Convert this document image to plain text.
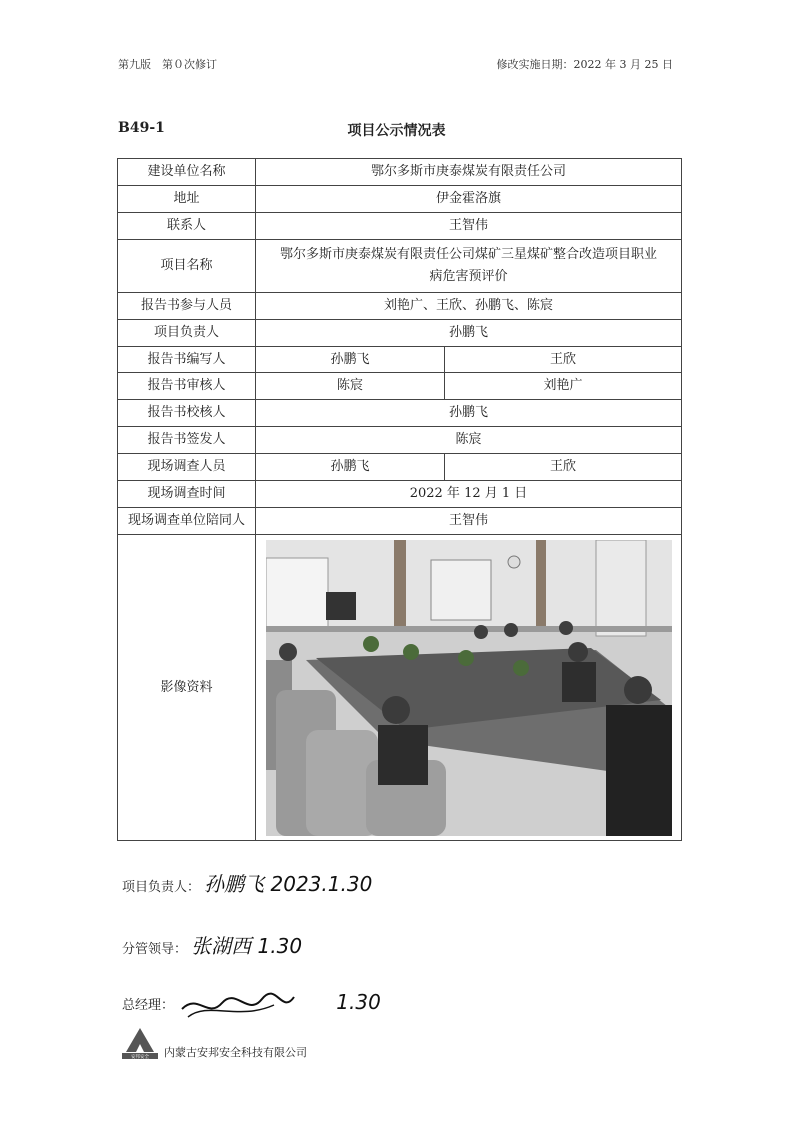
第九版　第０次修订	修改实施日期：2022 年 3 月 25 日
B49-1	项目公示情况表
建设单位名称	鄂尔多斯市庚泰煤炭有限责任公司	
地址	伊金霍洛旗	
联系人	王智伟	
项目名称	鄂尔多斯市庚泰煤炭有限责任公司煤矿三星煤矿整合改造项目职业
病危害预评价	

报告书参与人员	刘艳广、王欣、孙鹏飞、陈宸	
项目负责人	孙鹏飞	
报告书编写人	孙鹏飞	王欣
报告书审核人	陈宸	刘艳广
报告书校核人	孙鹏飞	
报告书签发人	陈宸	
现场调查人员	孙鹏飞	王欣
现场调查时间	2022 年 12 月 1 日	
现场调查单位陪同人	王智伟	
影像资料	
项目负责人： 孙鹏飞 2023.1.30
分管领导： 张湖西 1.30
总经理：	1.30
安邦安全 内蒙古安邦安全科技有限公司
